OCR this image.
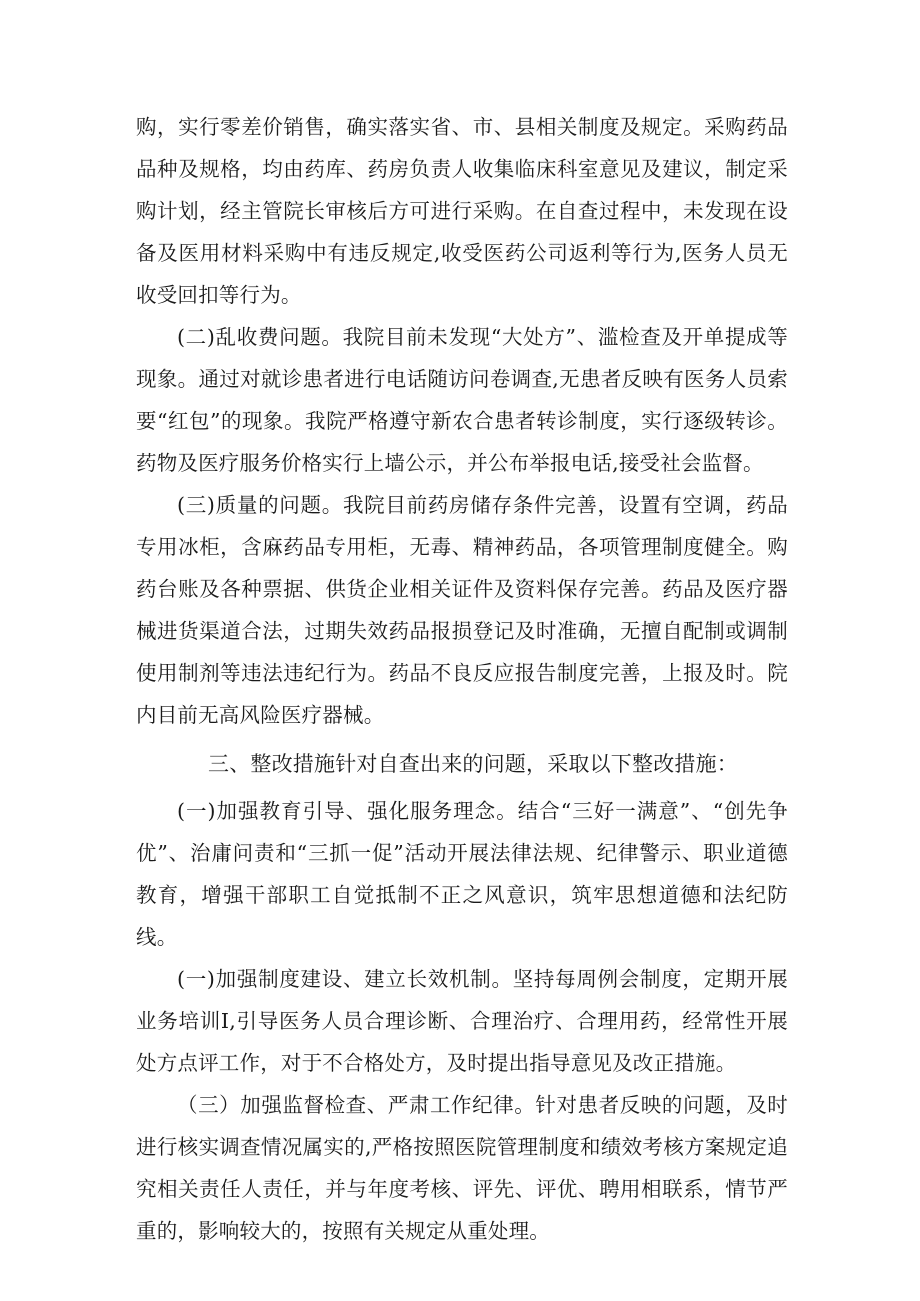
购，实行零差价销售，确实落实省、市、县相关制度及规定。采购药品品种及规格，均由药库、药房负责人收集临床科室意见及建议，制定采购计划，经主管院长审核后方可进行采购。在自查过程中，未发现在设备及医用材料采购中有违反规定,收受医药公司返利等行为,医务人员无收受回扣等行为。

(二)乱收费问题。我院目前未发现“大处方”、滥检查及开单提成等现象。通过对就诊患者进行电话随访问卷调查,无患者反映有医务人员索要“红包”的现象。我院严格遵守新农合患者转诊制度，实行逐级转诊。药物及医疗服务价格实行上墙公示，并公布举报电话,接受社会监督。

(三)质量的问题。我院目前药房储存条件完善，设置有空调，药品专用冰柜，含麻药品专用柜，无毒、精神药品，各项管理制度健全。购药台账及各种票据、供货企业相关证件及资料保存完善。药品及医疗器械进货渠道合法，过期失效药品报损登记及时准确，无擅自配制或调制使用制剂等违法违纪行为。药品不良反应报告制度完善，上报及时。院内目前无高风险医疗器械。

三、整改措施针对自查出来的问题，采取以下整改措施：

(一)加强教育引导、强化服务理念。结合“三好一满意”、“创先争优”、治庸问责和“三抓一促”活动开展法律法规、纪律警示、职业道德教育，增强干部职工自觉抵制不正之风意识，筑牢思想道德和法纪防线。

(一)加强制度建设、建立长效机制。坚持每周例会制度，定期开展业务培训I,引导医务人员合理诊断、合理治疗、合理用药，经常性开展处方点评工作，对于不合格处方，及时提出指导意见及改正措施。

（三）加强监督检查、严肃工作纪律。针对患者反映的问题，及时进行核实调查情况属实的,严格按照医院管理制度和绩效考核方案规定追究相关责任人责任，并与年度考核、评先、评优、聘用相联系，情节严重的，影响较大的，按照有关规定从重处理。
